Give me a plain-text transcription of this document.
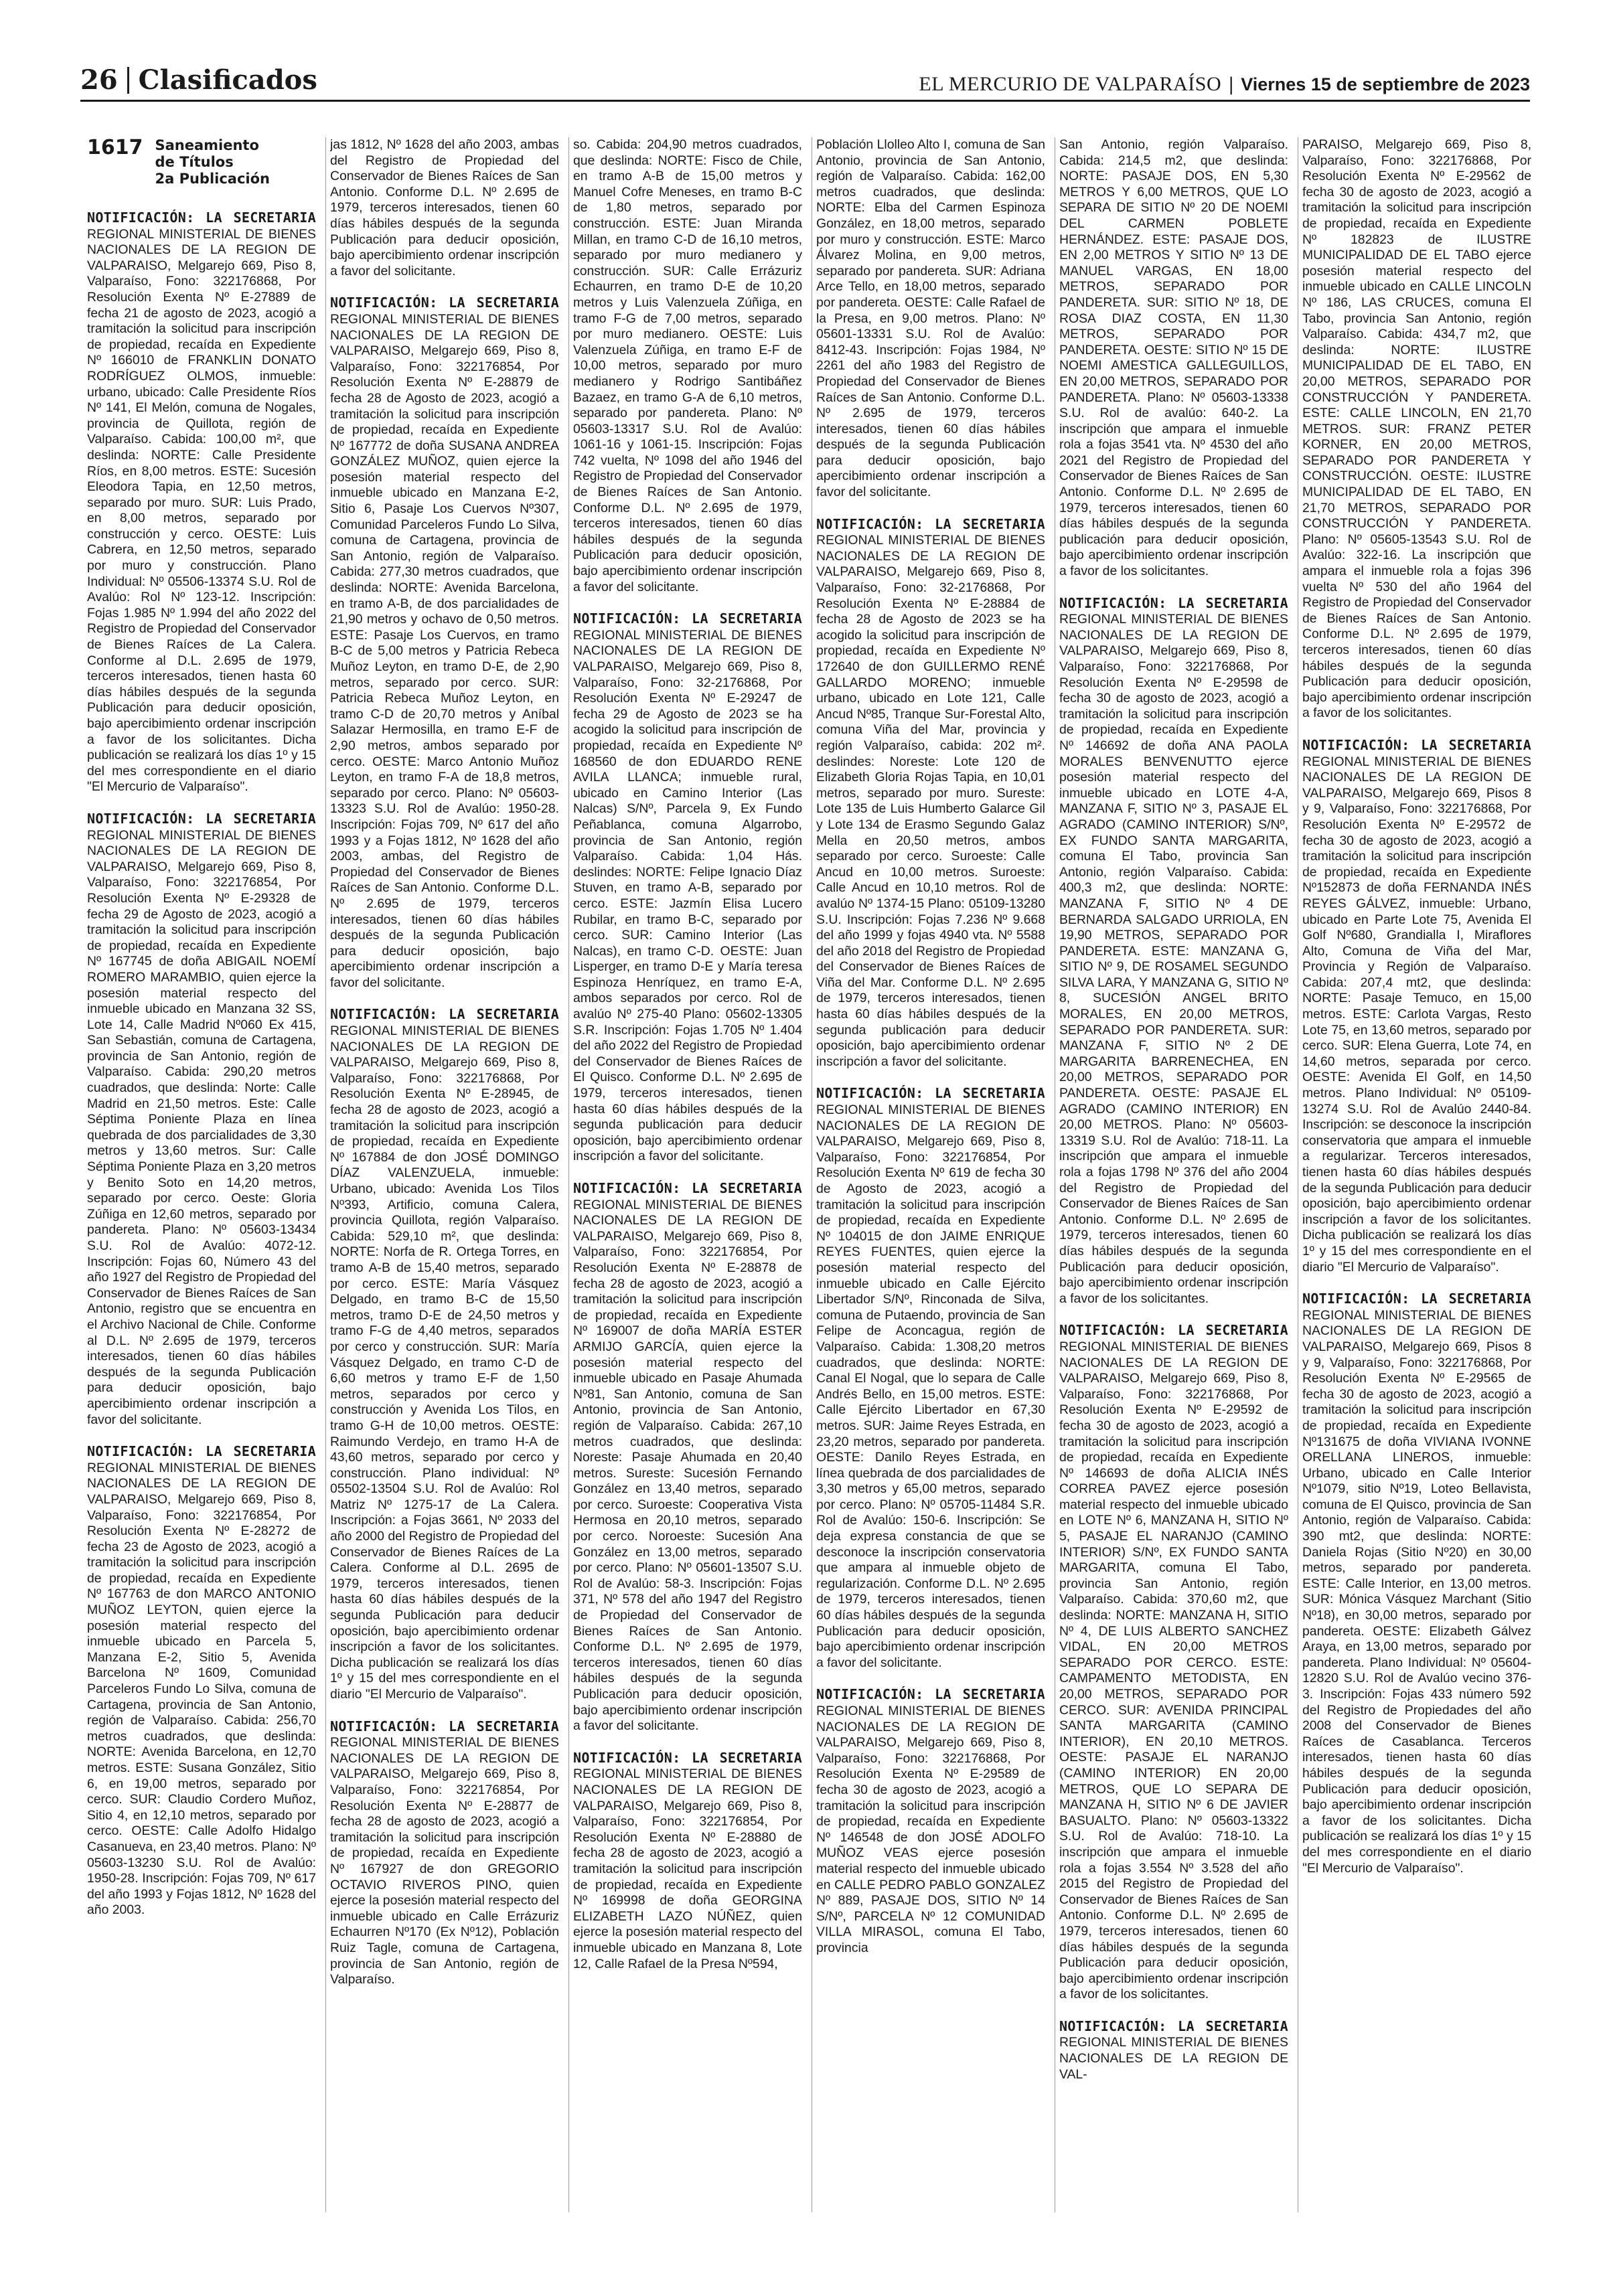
26 Clasificados	EL MERCURIO DE VALPARAÍSO | Viernes 15 de septiembre de 2023
1617 Saneamiento
de Títulos
2a Publicación
NOTIFICACIÓN: LA SECRETARIA REGIONAL MINISTERIAL DE BIENES NACIONALES DE LA REGION DE VALPARAISO, Melgarejo 669, Piso 8, Valparaíso, Fono: 322176868, Por Resolución Exenta Nº E-27889 de fecha 21 de agosto de 2023, acogió a tramitación la solicitud para inscripción de propiedad, recaída en Expediente Nº 166010 de FRANKLIN DONATO RODRÍGUEZ OLMOS, inmueble: urbano, ubicado: Calle Presidente Ríos Nº 141, El Melón, comuna de Nogales, provincia de Quillota, región de Valparaíso. Cabida: 100,00 m², que deslinda: NORTE: Calle Presidente Ríos, en 8,00 metros. ESTE: Sucesión Eleodora Tapia, en 12,50 metros, separado por muro. SUR: Luis Prado, en 8,00 metros, separado por construcción y cerco. OESTE: Luis Cabrera, en 12,50 metros, separado por muro y construcción. Plano Individual: Nº 05506-13374 S.U. Rol de Avalúo: Rol Nº 123-12. Inscripción: Fojas 1.985 Nº 1.994 del año 2022 del Registro de Propiedad del Conservador de Bienes Raíces de La Calera. Conforme al D.L. 2.695 de 1979, terceros interesados, tienen hasta 60 días hábiles después de la segunda Publicación para deducir oposición, bajo apercibimiento ordenar inscripción a favor de los solicitantes. Dicha publicación se realizará los días 1º y 15 del mes correspondiente en el diario "El Mercurio de Valparaíso".
NOTIFICACIÓN: LA SECRETARIA REGIONAL MINISTERIAL DE BIENES NACIONALES DE LA REGION DE VALPARAISO, Melgarejo 669, Piso 8, Valparaíso, Fono: 322176854, Por Resolución Exenta Nº E-29328 de fecha 29 de Agosto de 2023, acogió a tramitación la solicitud para inscripción de propiedad, recaída en Expediente Nº 167745 de doña ABIGAIL NOEMÍ ROMERO MARAMBIO, quien ejerce la posesión material respecto del inmueble ubicado en Manzana 32 SS, Lote 14, Calle Madrid Nº060 Ex 415, San Sebastián, comuna de Cartagena, provincia de San Antonio, región de Valparaíso. Cabida: 290,20 metros cuadrados, que deslinda: Norte: Calle Madrid en 21,50 metros. Este: Calle Séptima Poniente Plaza en línea quebrada de dos parcialidades de 3,30 metros y 13,60 metros. Sur: Calle Séptima Poniente Plaza en 3,20 metros y Benito Soto en 14,20 metros, separado por cerco. Oeste: Gloria Zúñiga en 12,60 metros, separado por pandereta. Plano: Nº 05603-13434 S.U. Rol de Avalúo: 4072-12. Inscripción: Fojas 60, Número 43 del año 1927 del Registro de Propiedad del Conservador de Bienes Raíces de San Antonio, registro que se encuentra en el Archivo Nacional de Chile. Conforme al D.L. Nº 2.695 de 1979, terceros interesados, tienen 60 días hábiles después de la segunda Publicación para deducir oposición, bajo apercibimiento ordenar inscripción a favor del solicitante.
NOTIFICACIÓN: LA SECRETARIA REGIONAL MINISTERIAL DE BIENES NACIONALES DE LA REGION DE VALPARAISO, Melgarejo 669, Piso 8, Valparaíso, Fono: 322176854, Por Resolución Exenta Nº E-28272 de fecha 23 de Agosto de 2023, acogió a tramitación la solicitud para inscripción de propiedad, recaída en Expediente Nº 167763 de don MARCO ANTONIO MUÑOZ LEYTON, quien ejerce la posesión material respecto del inmueble ubicado en Parcela 5, Manzana E-2, Sitio 5, Avenida Barcelona Nº 1609, Comunidad Parceleros Fundo Lo Silva, comuna de Cartagena, provincia de San Antonio, región de Valparaíso. Cabida: 256,70 metros cuadrados, que deslinda: NORTE: Avenida Barcelona, en 12,70 metros. ESTE: Susana González, Sitio 6, en 19,00 metros, separado por cerco. SUR: Claudio Cordero Muñoz, Sitio 4, en 12,10 metros, separado por cerco. OESTE: Calle Adolfo Hidalgo Casanueva, en 23,40 metros. Plano: Nº 05603-13230 S.U. Rol de Avalúo: 1950-28. Inscripción: Fojas 709, Nº 617 del año 1993 y Fojas 1812, Nº 1628 del año 2003.
jas 1812, Nº 1628 del año 2003, ambas del Registro de Propiedad del Conservador de Bienes Raíces de San Antonio. Conforme D.L. Nº 2.695 de 1979, terceros interesados, tienen 60 días hábiles después de la segunda Publicación para deducir oposición, bajo apercibimiento ordenar inscripción a favor del solicitante.
NOTIFICACIÓN: LA SECRETARIA REGIONAL MINISTERIAL DE BIENES NACIONALES DE LA REGION DE VALPARAISO, Melgarejo 669, Piso 8, Valparaíso, Fono: 322176854, Por Resolución Exenta Nº E-28879 de fecha 28 de Agosto de 2023, acogió a tramitación la solicitud para inscripción de propiedad, recaída en Expediente Nº 167772 de doña SUSANA ANDREA GONZÁLEZ MUÑOZ, quien ejerce la posesión material respecto del inmueble ubicado en Manzana E-2, Sitio 6, Pasaje Los Cuervos Nº307, Comunidad Parceleros Fundo Lo Silva, comuna de Cartagena, provincia de San Antonio, región de Valparaíso. Cabida: 277,30 metros cuadrados, que deslinda: NORTE: Avenida Barcelona, en tramo A-B, de dos parcialidades de 21,90 metros y ochavo de 0,50 metros. ESTE: Pasaje Los Cuervos, en tramo B-C de 5,00 metros y Patricia Rebeca Muñoz Leyton, en tramo D-E, de 2,90 metros, separado por cerco. SUR: Patricia Rebeca Muñoz Leyton, en tramo C-D de 20,70 metros y Aníbal Salazar Hermosilla, en tramo E-F de 2,90 metros, ambos separado por cerco. OESTE: Marco Antonio Muñoz Leyton, en tramo F-A de 18,8 metros, separado por cerco. Plano: Nº 05603-13323 S.U. Rol de Avalúo: 1950-28. Inscripción: Fojas 709, Nº 617 del año 1993 y a Fojas 1812, Nº 1628 del año 2003, ambas, del Registro de Propiedad del Conservador de Bienes Raíces de San Antonio. Conforme D.L. Nº 2.695 de 1979, terceros interesados, tienen 60 días hábiles después de la segunda Publicación para deducir oposición, bajo apercibimiento ordenar inscripción a favor del solicitante.
NOTIFICACIÓN: LA SECRETARIA REGIONAL MINISTERIAL DE BIENES NACIONALES DE LA REGION DE VALPARAISO, Melgarejo 669, Piso 8, Valparaíso, Fono: 322176868, Por Resolución Exenta Nº E-28945, de fecha 28 de agosto de 2023, acogió a tramitación la solicitud para inscripción de propiedad, recaída en Expediente Nº 167884 de don JOSÉ DOMINGO DÍAZ VALENZUELA, inmueble: Urbano, ubicado: Avenida Los Tilos Nº393, Artificio, comuna Calera, provincia Quillota, región Valparaíso. Cabida: 529,10 m², que deslinda: NORTE: Norfa de R. Ortega Torres, en tramo A-B de 15,40 metros, separado por cerco. ESTE: María Vásquez Delgado, en tramo B-C de 15,50 metros, tramo D-E de 24,50 metros y tramo F-G de 4,40 metros, separados por cerco y construcción. SUR: María Vásquez Delgado, en tramo C-D de 6,60 metros y tramo E-F de 1,50 metros, separados por cerco y construcción y Avenida Los Tilos, en tramo G-H de 10,00 metros. OESTE: Raimundo Verdejo, en tramo H-A de 43,60 metros, separado por cerco y construcción. Plano individual: Nº 05502-13504 S.U. Rol de Avalúo: Rol Matriz Nº 1275-17 de La Calera. Inscripción: a Fojas 3661, Nº 2033 del año 2000 del Registro de Propiedad del Conservador de Bienes Raíces de La Calera. Conforme al D.L. 2695 de 1979, terceros interesados, tienen hasta 60 días hábiles después de la segunda Publicación para deducir oposición, bajo apercibimiento ordenar inscripción a favor de los solicitantes. Dicha publicación se realizará los días 1º y 15 del mes correspondiente en el diario "El Mercurio de Valparaíso".
NOTIFICACIÓN: LA SECRETARIA REGIONAL MINISTERIAL DE BIENES NACIONALES DE LA REGION DE VALPARAISO, Melgarejo 669, Piso 8, Valparaíso, Fono: 322176854, Por Resolución Exenta Nº E-28877 de fecha 28 de agosto de 2023, acogió a tramitación la solicitud para inscripción de propiedad, recaída en Expediente Nº 167927 de don GREGORIO OCTAVIO RIVEROS PINO, quien ejerce la posesión material respecto del inmueble ubicado en Calle Errázuriz Echaurren Nº170 (Ex Nº12), Población Ruiz Tagle, comuna de Cartagena, provincia de San Antonio, región de Valparaíso.
so. Cabida: 204,90 metros cuadrados, que deslinda: NORTE: Fisco de Chile, en tramo A-B de 15,00 metros y Manuel Cofre Meneses, en tramo B-C de 1,80 metros, separado por construcción. ESTE: Juan Miranda Millan, en tramo C-D de 16,10 metros, separado por muro medianero y construcción. SUR: Calle Errázuriz Echaurren, en tramo D-E de 10,20 metros y Luis Valenzuela Zúñiga, en tramo F-G de 7,00 metros, separado por muro medianero. OESTE: Luis Valenzuela Zúñiga, en tramo E-F de 10,00 metros, separado por muro medianero y Rodrigo Santibáñez Bazaez, en tramo G-A de 6,10 metros, separado por pandereta. Plano: Nº 05603-13317 S.U. Rol de Avalúo: 1061-16 y 1061-15. Inscripción: Fojas 742 vuelta, Nº 1098 del año 1946 del Registro de Propiedad del Conservador de Bienes Raíces de San Antonio. Conforme D.L. Nº 2.695 de 1979, terceros interesados, tienen 60 días hábiles después de la segunda Publicación para deducir oposición, bajo apercibimiento ordenar inscripción a favor del solicitante.
NOTIFICACIÓN: LA SECRETARIA REGIONAL MINISTERIAL DE BIENES NACIONALES DE LA REGION DE VALPARAISO, Melgarejo 669, Piso 8, Valparaíso, Fono: 32-2176868, Por Resolución Exenta Nº E-29247 de fecha 29 de Agosto de 2023 se ha acogido la solicitud para inscripción de propiedad, recaída en Expediente Nº 168560 de don EDUARDO RENE AVILA LLANCA; inmueble rural, ubicado en Camino Interior (Las Nalcas) S/Nº, Parcela 9, Ex Fundo Peñablanca, comuna Algarrobo, provincia de San Antonio, región Valparaíso. Cabida: 1,04 Hás. deslindes: NORTE: Felipe Ignacio Díaz Stuven, en tramo A-B, separado por cerco. ESTE: Jazmín Elisa Lucero Rubilar, en tramo B-C, separado por cerco. SUR: Camino Interior (Las Nalcas), en tramo C-D. OESTE: Juan Lisperger, en tramo D-E y María teresa Espinoza Henríquez, en tramo E-A, ambos separados por cerco. Rol de avalúo Nº 275-40 Plano: 05602-13305 S.R. Inscripción: Fojas 1.705 Nº 1.404 del año 2022 del Registro de Propiedad del Conservador de Bienes Raíces de El Quisco. Conforme D.L. Nº 2.695 de 1979, terceros interesados, tienen hasta 60 días hábiles después de la segunda publicación para deducir oposición, bajo apercibimiento ordenar inscripción a favor del solicitante.
NOTIFICACIÓN: LA SECRETARIA REGIONAL MINISTERIAL DE BIENES NACIONALES DE LA REGION DE VALPARAISO, Melgarejo 669, Piso 8, Valparaíso, Fono: 322176854, Por Resolución Exenta Nº E-28878 de fecha 28 de agosto de 2023, acogió a tramitación la solicitud para inscripción de propiedad, recaída en Expediente Nº 169007 de doña MARÍA ESTER ARMIJO GARCÍA, quien ejerce la posesión material respecto del inmueble ubicado en Pasaje Ahumada Nº81, San Antonio, comuna de San Antonio, provincia de San Antonio, región de Valparaíso. Cabida: 267,10 metros cuadrados, que deslinda: Noreste: Pasaje Ahumada en 20,40 metros. Sureste: Sucesión Fernando González en 13,40 metros, separado por cerco. Suroeste: Cooperativa Vista Hermosa en 20,10 metros, separado por cerco. Noroeste: Sucesión Ana González en 13,00 metros, separado por cerco. Plano: Nº 05601-13507 S.U. Rol de Avalúo: 58-3. Inscripción: Fojas 371, Nº 578 del año 1947 del Registro de Propiedad del Conservador de Bienes Raíces de San Antonio. Conforme D.L. Nº 2.695 de 1979, terceros interesados, tienen 60 días hábiles después de la segunda Publicación para deducir oposición, bajo apercibimiento ordenar inscripción a favor del solicitante.
NOTIFICACIÓN: LA SECRETARIA REGIONAL MINISTERIAL DE BIENES NACIONALES DE LA REGION DE VALPARAISO, Melgarejo 669, Piso 8, Valparaíso, Fono: 322176854, Por Resolución Exenta Nº E-28880 de fecha 28 de agosto de 2023, acogió a tramitación la solicitud para inscripción de propiedad, recaída en Expediente Nº 169998 de doña GEORGINA ELIZABETH LAZO NÚÑEZ, quien ejerce la posesión material respecto del inmueble ubicado en Manzana 8, Lote 12, Calle Rafael de la Presa Nº594,
Población Llolleo Alto I, comuna de San Antonio, provincia de San Antonio, región de Valparaíso. Cabida: 162,00 metros cuadrados, que deslinda: NORTE: Elba del Carmen Espinoza González, en 18,00 metros, separado por muro y construcción. ESTE: Marco Álvarez Molina, en 9,00 metros, separado por pandereta. SUR: Adriana Arce Tello, en 18,00 metros, separado por pandereta. OESTE: Calle Rafael de la Presa, en 9,00 metros. Plano: Nº 05601-13331 S.U. Rol de Avalúo: 8412-43. Inscripción: Fojas 1984, Nº 2261 del año 1983 del Registro de Propiedad del Conservador de Bienes Raíces de San Antonio. Conforme D.L. Nº 2.695 de 1979, terceros interesados, tienen 60 días hábiles después de la segunda Publicación para deducir oposición, bajo apercibimiento ordenar inscripción a favor del solicitante.
NOTIFICACIÓN: LA SECRETARIA REGIONAL MINISTERIAL DE BIENES NACIONALES DE LA REGION DE VALPARAISO, Melgarejo 669, Piso 8, Valparaíso, Fono: 32-2176868, Por Resolución Exenta Nº E-28884 de fecha 28 de Agosto de 2023 se ha acogido la solicitud para inscripción de propiedad, recaída en Expediente Nº 172640 de don GUILLERMO RENÉ GALLARDO MORENO; inmueble urbano, ubicado en Lote 121, Calle Ancud Nº85, Tranque Sur-Forestal Alto, comuna Viña del Mar, provincia y región Valparaíso, cabida: 202 m². deslindes: Noreste: Lote 120 de Elizabeth Gloria Rojas Tapia, en 10,01 metros, separado por muro. Sureste: Lote 135 de Luis Humberto Galarce Gil y Lote 134 de Erasmo Segundo Galaz Mella en 20,50 metros, ambos separado por cerco. Suroeste: Calle Ancud en 10,00 metros. Suroeste: Calle Ancud en 10,10 metros. Rol de avalúo Nº 1374-15 Plano: 05109-13280 S.U. Inscripción: Fojas 7.236 Nº 9.668 del año 1999 y fojas 4940 vta. Nº 5588 del año 2018 del Registro de Propiedad del Conservador de Bienes Raíces de Viña del Mar. Conforme D.L. Nº 2.695 de 1979, terceros interesados, tienen hasta 60 días hábiles después de la segunda publicación para deducir oposición, bajo apercibimiento ordenar inscripción a favor del solicitante.
NOTIFICACIÓN: LA SECRETARIA REGIONAL MINISTERIAL DE BIENES NACIONALES DE LA REGION DE VALPARAISO, Melgarejo 669, Piso 8, Valparaíso, Fono: 322176854, Por Resolución Exenta Nº 619 de fecha 30 de Agosto de 2023, acogió a tramitación la solicitud para inscripción de propiedad, recaída en Expediente Nº 104015 de don JAIME ENRIQUE REYES FUENTES, quien ejerce la posesión material respecto del inmueble ubicado en Calle Ejército Libertador S/Nº, Rinconada de Silva, comuna de Putaendo, provincia de San Felipe de Aconcagua, región de Valparaíso. Cabida: 1.308,20 metros cuadrados, que deslinda: NORTE: Canal El Nogal, que lo separa de Calle Andrés Bello, en 15,00 metros. ESTE: Calle Ejército Libertador en 67,30 metros. SUR: Jaime Reyes Estrada, en 23,20 metros, separado por pandereta. OESTE: Danilo Reyes Estrada, en línea quebrada de dos parcialidades de 3,30 metros y 65,00 metros, separado por cerco. Plano: Nº 05705-11484 S.R. Rol de Avalúo: 150-6. Inscripción: Se deja expresa constancia de que se desconoce la inscripción conservatoria que ampara al inmueble objeto de regularización. Conforme D.L. Nº 2.695 de 1979, terceros interesados, tienen 60 días hábiles después de la segunda Publicación para deducir oposición, bajo apercibimiento ordenar inscripción a favor del solicitante.
NOTIFICACIÓN: LA SECRETARIA REGIONAL MINISTERIAL DE BIENES NACIONALES DE LA REGION DE VALPARAISO, Melgarejo 669, Piso 8, Valparaíso, Fono: 322176868, Por Resolución Exenta Nº E-29589 de fecha 30 de agosto de 2023, acogió a tramitación la solicitud para inscripción de propiedad, recaída en Expediente Nº 146548 de don JOSÉ ADOLFO MUÑOZ VEAS ejerce posesión material respecto del inmueble ubicado en CALLE PEDRO PABLO GONZALEZ Nº 889, PASAJE DOS, SITIO Nº 14 S/Nº, PARCELA Nº 12 COMUNIDAD VILLA MIRASOL, comuna El Tabo, provincia
San Antonio, región Valparaíso. Cabida: 214,5 m2, que deslinda: NORTE: PASAJE DOS, EN 5,30 METROS Y 6,00 METROS, QUE LO SEPARA DE SITIO Nº 20 DE NOEMI DEL CARMEN POBLETE HERNÁNDEZ. ESTE: PASAJE DOS, EN 2,00 METROS Y SITIO Nº 13 DE MANUEL VARGAS, EN 18,00 METROS, SEPARADO POR PANDERETA. SUR: SITIO Nº 18, DE ROSA DIAZ COSTA, EN 11,30 METROS, SEPARADO POR PANDERETA. OESTE: SITIO Nº 15 DE NOEMI AMESTICA GALLEGUILLOS, EN 20,00 METROS, SEPARADO POR PANDERETA. Plano: Nº 05603-13338 S.U. Rol de avalúo: 640-2. La inscripción que ampara el inmueble rola a fojas 3541 vta. Nº 4530 del año 2021 del Registro de Propiedad del Conservador de Bienes Raíces de San Antonio. Conforme D.L. Nº 2.695 de 1979, terceros interesados, tienen 60 días hábiles después de la segunda publicación para deducir oposición, bajo apercibimiento ordenar inscripción a favor de los solicitantes.
NOTIFICACIÓN: LA SECRETARIA REGIONAL MINISTERIAL DE BIENES NACIONALES DE LA REGION DE VALPARAISO, Melgarejo 669, Piso 8, Valparaíso, Fono: 322176868, Por Resolución Exenta Nº E-29598 de fecha 30 de agosto de 2023, acogió a tramitación la solicitud para inscripción de propiedad, recaída en Expediente Nº 146692 de doña ANA PAOLA MORALES BENVENUTTO ejerce posesión material respecto del inmueble ubicado en LOTE 4-A, MANZANA F, SITIO Nº 3, PASAJE EL AGRADO (CAMINO INTERIOR) S/Nº, EX FUNDO SANTA MARGARITA, comuna El Tabo, provincia San Antonio, región Valparaíso. Cabida: 400,3 m2, que deslinda: NORTE: MANZANA F, SITIO Nº 4 DE BERNARDA SALGADO URRIOLA, EN 19,90 METROS, SEPARADO POR PANDERETA. ESTE: MANZANA G, SITIO Nº 9, DE ROSAMEL SEGUNDO SILVA LARA, Y MANZANA G, SITIO Nº 8, SUCESIÓN ANGEL BRITO MORALES, EN 20,00 METROS, SEPARADO POR PANDERETA. SUR: MANZANA F, SITIO Nº 2 DE MARGARITA BARRENECHEA, EN 20,00 METROS, SEPARADO POR PANDERETA. OESTE: PASAJE EL AGRADO (CAMINO INTERIOR) EN 20,00 METROS. Plano: Nº 05603-13319 S.U. Rol de Avalúo: 718-11. La inscripción que ampara el inmueble rola a fojas 1798 Nº 376 del año 2004 del Registro de Propiedad del Conservador de Bienes Raíces de San Antonio. Conforme D.L. Nº 2.695 de 1979, terceros interesados, tienen 60 días hábiles después de la segunda Publicación para deducir oposición, bajo apercibimiento ordenar inscripción a favor de los solicitantes.
NOTIFICACIÓN: LA SECRETARIA REGIONAL MINISTERIAL DE BIENES NACIONALES DE LA REGION DE VALPARAISO, Melgarejo 669, Piso 8, Valparaíso, Fono: 322176868, Por Resolución Exenta Nº E-29592 de fecha 30 de agosto de 2023, acogió a tramitación la solicitud para inscripción de propiedad, recaída en Expediente Nº 146693 de doña ALICIA INÉS CORREA PAVEZ ejerce posesión material respecto del inmueble ubicado en LOTE Nº 6, MANZANA H, SITIO Nº 5, PASAJE EL NARANJO (CAMINO INTERIOR) S/Nº, EX FUNDO SANTA MARGARITA, comuna El Tabo, provincia San Antonio, región Valparaíso. Cabida: 370,60 m2, que deslinda: NORTE: MANZANA H, SITIO Nº 4, DE LUIS ALBERTO SANCHEZ VIDAL, EN 20,00 METROS SEPARADO POR CERCO. ESTE: CAMPAMENTO METODISTA, EN 20,00 METROS, SEPARADO POR CERCO. SUR: AVENIDA PRINCIPAL SANTA MARGARITA (CAMINO INTERIOR), EN 20,10 METROS. OESTE: PASAJE EL NARANJO (CAMINO INTERIOR) EN 20,00 METROS, QUE LO SEPARA DE MANZANA H, SITIO Nº 6 DE JAVIER BASUALTO. Plano: Nº 05603-13322 S.U. Rol de Avalúo: 718-10. La inscripción que ampara el inmueble rola a fojas 3.554 Nº 3.528 del año 2015 del Registro de Propiedad del Conservador de Bienes Raíces de San Antonio. Conforme D.L. Nº 2.695 de 1979, terceros interesados, tienen 60 días hábiles después de la segunda Publicación para deducir oposición, bajo apercibimiento ordenar inscripción a favor de los solicitantes.
NOTIFICACIÓN: LA SECRETARIA REGIONAL MINISTERIAL DE BIENES NACIONALES DE LA REGION DE VAL-
PARAISO, Melgarejo 669, Piso 8, Valparaíso, Fono: 322176868, Por Resolución Exenta Nº E-29562 de fecha 30 de agosto de 2023, acogió a tramitación la solicitud para inscripción de propiedad, recaída en Expediente Nº 182823 de ILUSTRE MUNICIPALIDAD DE EL TABO ejerce posesión material respecto del inmueble ubicado en CALLE LINCOLN Nº 186, LAS CRUCES, comuna El Tabo, provincia San Antonio, región Valparaíso. Cabida: 434,7 m2, que deslinda: NORTE: ILUSTRE MUNICIPALIDAD DE EL TABO, EN 20,00 METROS, SEPARADO POR CONSTRUCCIÓN Y PANDERETA. ESTE: CALLE LINCOLN, EN 21,70 METROS. SUR: FRANZ PETER KORNER, EN 20,00 METROS, SEPARADO POR PANDERETA Y CONSTRUCCIÓN. OESTE: ILUSTRE MUNICIPALIDAD DE EL TABO, EN 21,70 METROS, SEPARADO POR CONSTRUCCIÓN Y PANDERETA. Plano: Nº 05605-13543 S.U. Rol de Avalúo: 322-16. La inscripción que ampara el inmueble rola a fojas 396 vuelta Nº 530 del año 1964 del Registro de Propiedad del Conservador de Bienes Raíces de San Antonio. Conforme D.L. Nº 2.695 de 1979, terceros interesados, tienen 60 días hábiles después de la segunda Publicación para deducir oposición, bajo apercibimiento ordenar inscripción a favor de los solicitantes.
NOTIFICACIÓN: LA SECRETARIA REGIONAL MINISTERIAL DE BIENES NACIONALES DE LA REGION DE VALPARAISO, Melgarejo 669, Pisos 8 y 9, Valparaíso, Fono: 322176868, Por Resolución Exenta Nº E-29572 de fecha 30 de agosto de 2023, acogió a tramitación la solicitud para inscripción de propiedad, recaída en Expediente Nº152873 de doña FERNANDA INÉS REYES GÁLVEZ, inmueble: Urbano, ubicado en Parte Lote 75, Avenida El Golf Nº680, Grandialla I, Miraflores Alto, Comuna de Viña del Mar, Provincia y Región de Valparaíso. Cabida: 207,4 mt2, que deslinda: NORTE: Pasaje Temuco, en 15,00 metros. ESTE: Carlota Vargas, Resto Lote 75, en 13,60 metros, separado por cerco. SUR: Elena Guerra, Lote 74, en 14,60 metros, separada por cerco. OESTE: Avenida El Golf, en 14,50 metros. Plano Individual: Nº 05109-13274 S.U. Rol de Avalúo 2440-84. Inscripción: se desconoce la inscripción conservatoria que ampara el inmueble a regularizar. Terceros interesados, tienen hasta 60 días hábiles después de la segunda Publicación para deducir oposición, bajo apercibimiento ordenar inscripción a favor de los solicitantes. Dicha publicación se realizará los días 1º y 15 del mes correspondiente en el diario "El Mercurio de Valparaíso".
NOTIFICACIÓN: LA SECRETARIA REGIONAL MINISTERIAL DE BIENES NACIONALES DE LA REGION DE VALPARAISO, Melgarejo 669, Pisos 8 y 9, Valparaíso, Fono: 322176868, Por Resolución Exenta Nº E-29565 de fecha 30 de agosto de 2023, acogió a tramitación la solicitud para inscripción de propiedad, recaída en Expediente Nº131675 de doña VIVIANA IVONNE ORELLANA LINEROS, inmueble: Urbano, ubicado en Calle Interior Nº1079, sitio Nº19, Loteo Bellavista, comuna de El Quisco, provincia de San Antonio, región de Valparaíso. Cabida: 390 mt2, que deslinda: NORTE: Daniela Rojas (Sitio Nº20) en 30,00 metros, separado por pandereta. ESTE: Calle Interior, en 13,00 metros. SUR: Mónica Vásquez Marchant (Sitio Nº18), en 30,00 metros, separado por pandereta. OESTE: Elizabeth Gálvez Araya, en 13,00 metros, separado por pandereta. Plano Individual: Nº 05604-12820 S.U. Rol de Avalúo vecino 376-3. Inscripción: Fojas 433 número 592 del Registro de Propiedades del año 2008 del Conservador de Bienes Raíces de Casablanca. Terceros interesados, tienen hasta 60 días hábiles después de la segunda Publicación para deducir oposición, bajo apercibimiento ordenar inscripción a favor de los solicitantes. Dicha publicación se realizará los días 1º y 15 del mes correspondiente en el diario "El Mercurio de Valparaíso".
